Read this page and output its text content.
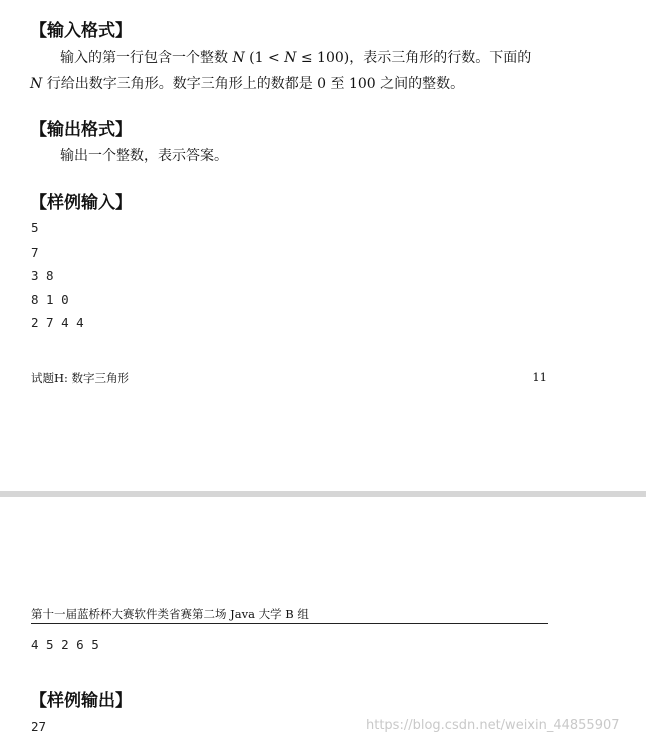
【输入格式】
输入的第一行包含一个整数 N (1 < N ≤ 100)，表示三角形的行数。下面的
N 行给出数字三角形。数字三角形上的数都是 0 至 100 之间的整数。
【输出格式】
输出一个整数，表示答案。
【样例输入】
5
7
3 8
8 1 0
2 7 4 4
试题H: 数字三角形	11
第十一届蓝桥杯大赛软件类省赛第二场 Java 大学 B 组
4 5 2 6 5
【样例输出】
27	https://blog.csdn.net/weixin_44855907
